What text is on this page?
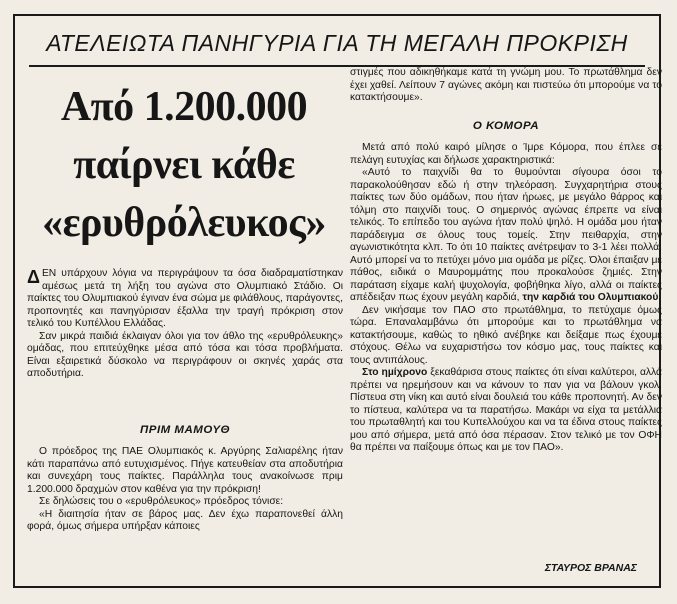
ΑΤΕΛΕΙΩΤΑ ΠΑΝΗΓΥΡΙΑ ΓΙΑ ΤΗ ΜΕΓΑΛΗ ΠΡΟΚΡΙΣΗ
Από 1.200.000
παίρνει κάθε
«ερυθρόλευκος»

ΔΕΝ υπάρχουν λόγια να περιγράψουν τα όσα διαδραματίστηκαν αμέσως μετά τη λήξη του αγώνα στο Ολυμπιακό Στάδιο. Οι παίκτες του Ολυμπιακού έγιναν ένα σώμα με φιλάθλους, παράγοντες, προπονητές και πανηγύρισαν έξαλλα την τραγή πρόκριση στον τελικό του Κυπέλλου Ελλάδας.

Σαν μικρά παιδιά έκλαιγαν όλοι για τον άθλο της «ερυθρόλευκης» ομάδας, που επιτεύχθηκε μέσα από τόσα και τόσα προβλήματα. Είναι εξαιρετικά δύσκολο να περιγράφουν οι σκηνές χαράς στα αποδυτήρια.

ΠΡΙΜ ΜΑΜΟΥΘ

Ο πρόεδρος της ΠΑΕ Ολυμπιακός κ. Αργύρης Σαλιαρέλης ήταν κάτι παραπάνω από ευτυχισμένος. Πήγε κατευθείαν στα αποδυτήρια και συνεχάρη τους παίκτες. Παράλληλα τους ανακοίνωσε πριμ 1.200.000 δραχμών στον καθένα για την πρόκριση!

Σε δηλώσεις του ο «ερυθρόλευκος» πρόεδρος τόνισε:

«Η διαιτησία ήταν σε βάρος μας. Δεν έχω παραπονεθεί άλλη φορά, όμως σήμερα υπήρξαν κάποιες

στιγμές που αδικηθήκαμε κατά τη γνώμη μου. Το πρωτάθλημα δεν έχει χαθεί. Λείπουν 7 αγώνες ακόμη και πιστεύω ότι μπορούμε να το κατακτήσουμε».

Ο ΚΟΜΟΡΑ

Μετά από πολύ καιρό μίλησε ο Ίμρε Κόμορα, που έπλεε σε πελάγη ευτυχίας και δήλωσε χαρακτηριστικά:

«Αυτό το παιχνίδι θα το θυμούνται σίγουρα όσοι το παρακολούθησαν εδώ ή στην τηλεόραση. Συγχαρητήρια στους παίκτες των δύο ομάδων, που ήταν ήρωες, με μεγάλο θάρρος και τόλμη στο παιχνίδι τους. Ο σημερινός αγώνας έπρεπε να είναι τελικός. Το επίπεδο του αγώνα ήταν πολύ ψηλό. Η ομάδα μου ήταν παράδειγμα σε όλους τους τομείς. Στην πειθαρχία, στην αγωνιστικότητα κλπ. Το ότι 10 παίκτες ανέτρεψαν το 3-1 λέει πολλά. Αυτό μπορεί να το πετύχει μόνο μια ομάδα με ρίζες. Όλοι έπαιξαν με πάθος, ειδικά ο Μαυρομμάτης που προκαλούσε ζημιές. Στην παράταση είχαμε καλή ψυχολογία, φοβήθηκα λίγο, αλλά οι παίκτες απέδειξαν πως έχουν μεγάλη καρδιά, την καρδιά του Ολυμπιακού.

Δεν νικήσαμε τον ΠΑΟ στο πρωτάθλημα, το πετύχαμε όμως τώρα. Επαναλαμβάνω ότι μπορούμε και το πρωτάθλημα να κατακτήσουμε, καθώς το ηθικό ανέβηκε και δείξαμε πως έχουμε στόχους. Θέλω να ευχαριστήσω τον κόσμο μας, τους παίκτες και τους αντιπάλους.

Στο ηµίχρονο ξεκαθάρισα στους παίκτες ότι είναι καλύτεροι, αλλά πρέπει να ηρεμήσουν και να κάνουν το παν για να βάλουν γκολ. Πίστευα στη νίκη και αυτό είναι δουλειά του κάθε προπονητή. Αν δεν το πίστευα, καλύτερα να τα παρατήσω. Μακάρι να είχα τα μετάλλια του πρωταθλητή και του Κυπελλούχου και να τα έδινα στους παίκτες μου από σήμερα, μετά από όσα πέρασαν. Στον τελικό με τον ΟΦΗ θα πρέπει να παίξουμε όπως και με τον ΠΑΟ».

ΣΤΑΥΡΟΣ ΒΡΑΝΑΣ
